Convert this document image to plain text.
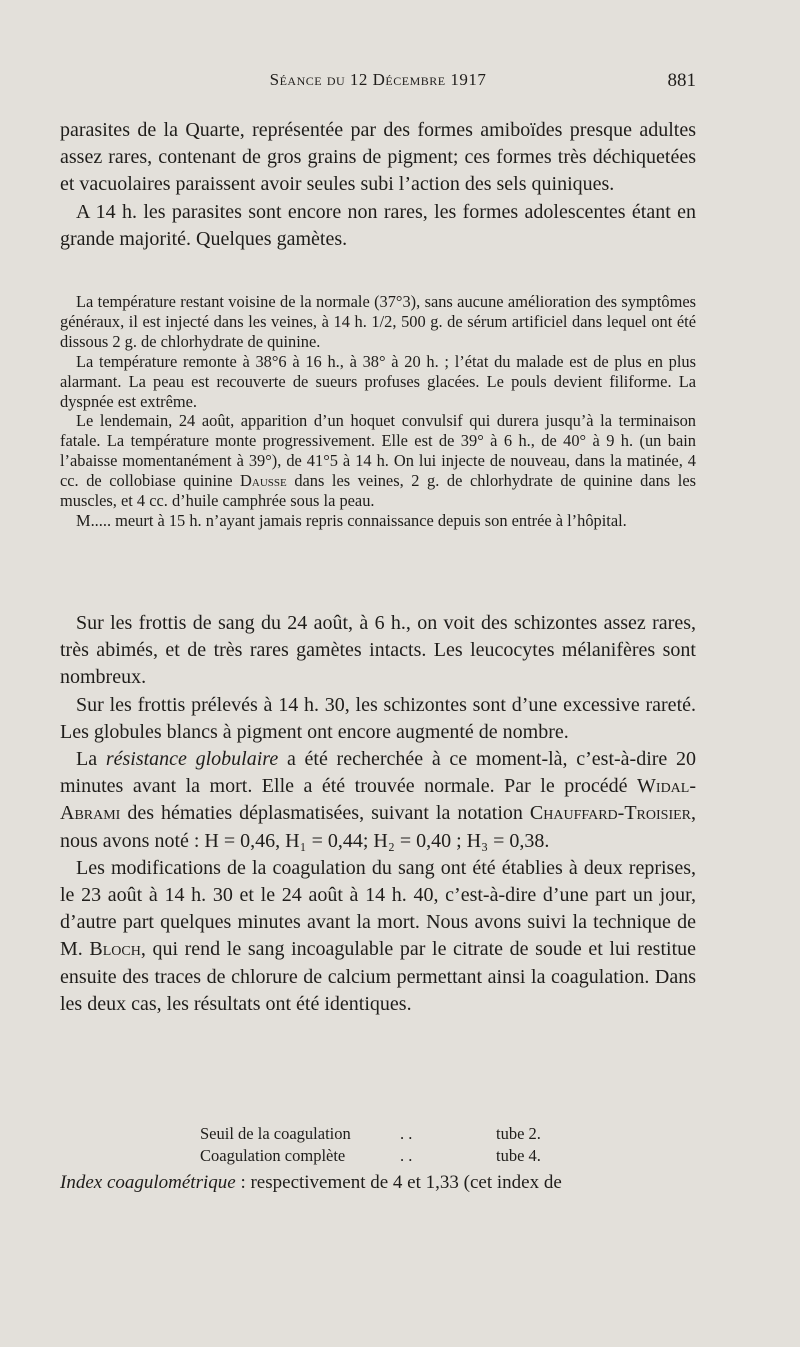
Séance du 12 Décembre 1917	881

parasites de la Quarte, représentée par des formes amiboïdes presque adultes assez rares, contenant de gros grains de pigment; ces formes très déchiquetées et vacuolaires paraissent avoir seules subi l’action des sels quiniques.

A 14 h. les parasites sont encore non rares, les formes adolescentes étant en grande majorité. Quelques gamètes.

La température restant voisine de la normale (37°3), sans aucune amélioration des symptômes généraux, il est injecté dans les veines, à 14 h. 1/2, 500 g. de sérum artificiel dans lequel ont été dissous 2 g. de chlorhydrate de quinine.

La température remonte à 38°6 à 16 h., à 38° à 20 h. ; l’état du malade est de plus en plus alarmant. La peau est recouverte de sueurs profuses glacées. Le pouls devient filiforme. La dyspnée est extrême.

Le lendemain, 24 août, apparition d’un hoquet convulsif qui durera jusqu’à la terminaison fatale. La température monte progressivement. Elle est de 39° à 6 h., de 40° à 9 h. (un bain l’abaisse momentanément à 39°), de 41°5 à 14 h. On lui injecte de nouveau, dans la matinée, 4 cc. de collobiase quinine Dausse dans les veines, 2 g. de chlorhydrate de quinine dans les muscles, et 4 cc. d’huile camphrée sous la peau.

M..... meurt à 15 h. n’ayant jamais repris connaissance depuis son entrée à l’hôpital.

Sur les frottis de sang du 24 août, à 6 h., on voit des schizontes assez rares, très abimés, et de très rares gamètes intacts. Les leucocytes mélanifères sont nombreux.

Sur les frottis prélevés à 14 h. 30, les schizontes sont d’une excessive rareté. Les globules blancs à pigment ont encore augmenté de nombre.

La résistance globulaire a été recherchée à ce moment-là, c’est-à-dire 20 minutes avant la mort. Elle a été trouvée normale. Par le procédé Widal-Abrami des hématies déplasmatisées, suivant la notation Chauffard-Troisier, nous avons noté : H = 0,46, H₁ = 0,44; H₂ = 0,40 ; H₃ = 0,38.

Les modifications de la coagulation du sang ont été établies à deux reprises, le 23 août à 14 h. 30 et le 24 août à 14 h. 40, c’est-à-dire d’une part un jour, d’autre part quelques minutes avant la mort. Nous avons suivi la technique de M. Bloch, qui rend le sang incoagulable par le citrate de soude et lui restitue ensuite des traces de chlorure de calcium permettant ainsi la coagulation. Dans les deux cas, les résultats ont été identiques.

Seuil de la coagulation	. .	tube 2.
Coagulation complète	. .	tube 4.
Index coagulométrique : respectivement de 4 et 1,33 (cet index de
